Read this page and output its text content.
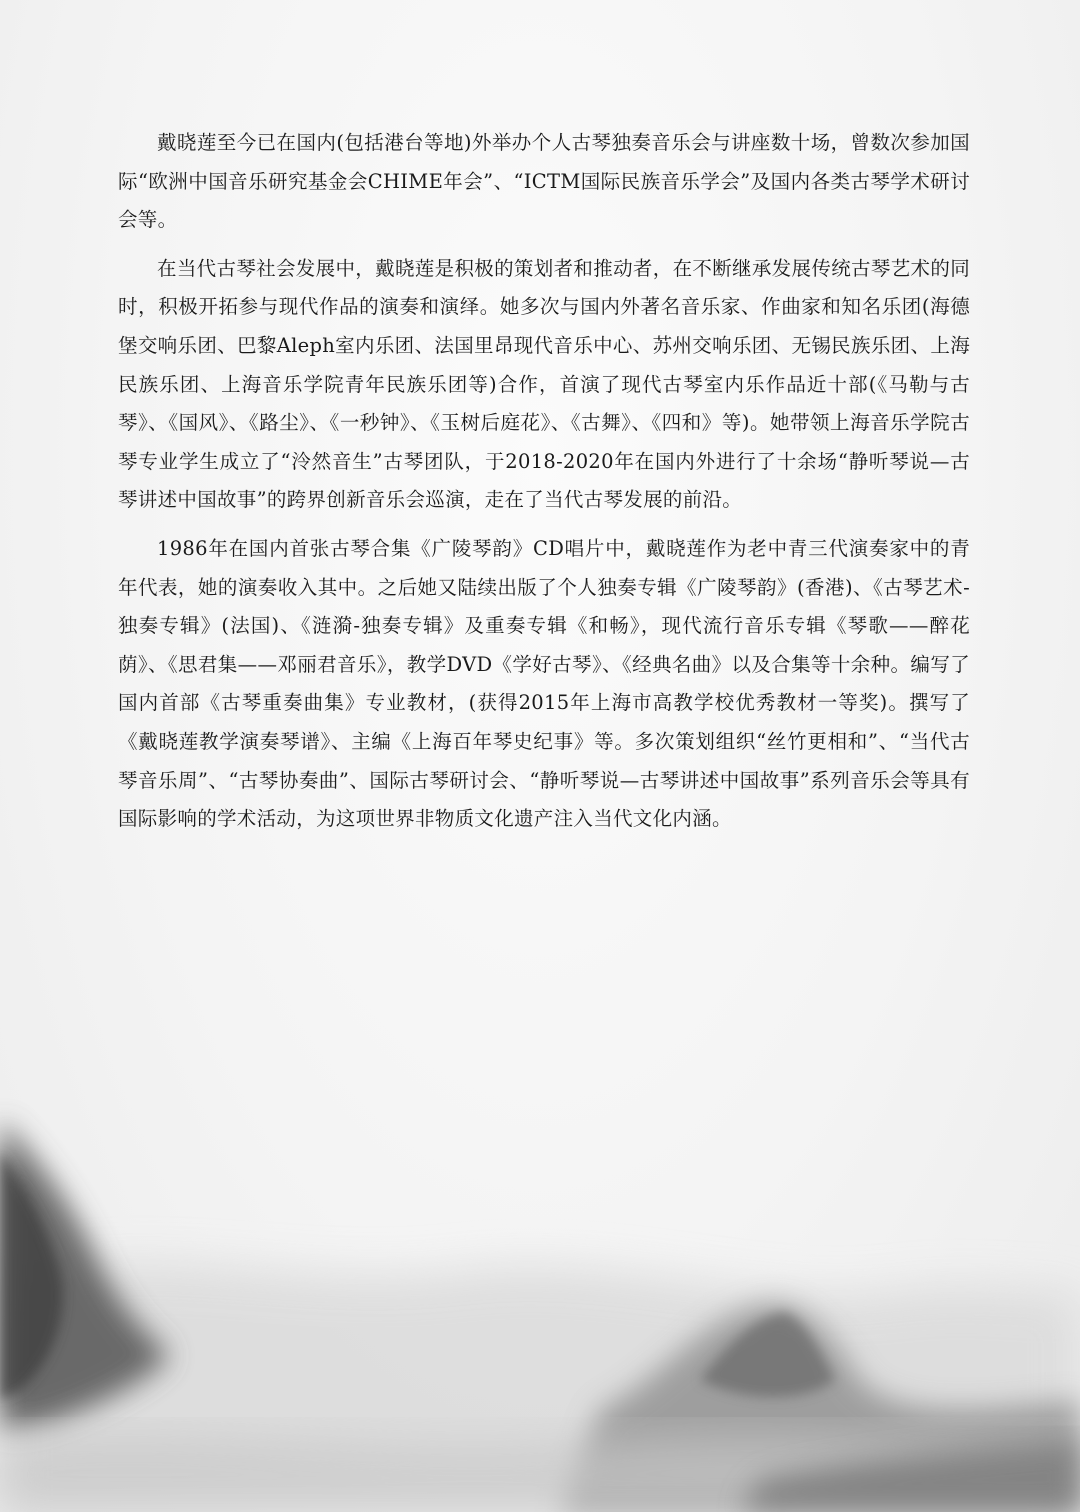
戴晓莲至今已在国内(包括港台等地)外举办个人古琴独奏音乐会与讲座数十场，曾数次参加国际“欧洲中国音乐研究基金会CHIME年会”、“ICTM国际民族音乐学会”及国内各类古琴学术研讨会等。

在当代古琴社会发展中，戴晓莲是积极的策划者和推动者，在不断继承发展传统古琴艺术的同时，积极开拓参与现代作品的演奏和演绎。她多次与国内外著名音乐家、作曲家和知名乐团(海德堡交响乐团、巴黎Aleph室内乐团、法国里昂现代音乐中心、苏州交响乐团、无锡民族乐团、上海民族乐团、上海音乐学院青年民族乐团等)合作，首演了现代古琴室内乐作品近十部(《马勒与古琴》、《国风》、《路尘》、《一秒钟》、《玉树后庭花》、《古舞》、《四和》等)。她带领上海音乐学院古琴专业学生成立了“泠然音生”古琴团队，于2018-2020年在国内外进行了十余场“静听琴说—古琴讲述中国故事”的跨界创新音乐会巡演，走在了当代古琴发展的前沿。

1986年在国内首张古琴合集《广陵琴韵》CD唱片中，戴晓莲作为老中青三代演奏家中的青年代表，她的演奏收入其中。之后她又陆续出版了个人独奏专辑《广陵琴韵》(香港)、《古琴艺术-独奏专辑》(法国)、《涟漪-独奏专辑》及重奏专辑《和畅》，现代流行音乐专辑《琴歌——醉花荫》、《思君集——邓丽君音乐》，教学DVD《学好古琴》、《经典名曲》以及合集等十余种。编写了国内首部《古琴重奏曲集》专业教材，(获得2015年上海市高教学校优秀教材一等奖)。撰写了《戴晓莲教学演奏琴谱》、主编《上海百年琴史纪事》等。多次策划组织“丝竹更相和”、“当代古琴音乐周”、“古琴协奏曲”、国际古琴研讨会、“静听琴说—古琴讲述中国故事”系列音乐会等具有国际影响的学术活动，为这项世界非物质文化遗产注入当代文化内涵。
